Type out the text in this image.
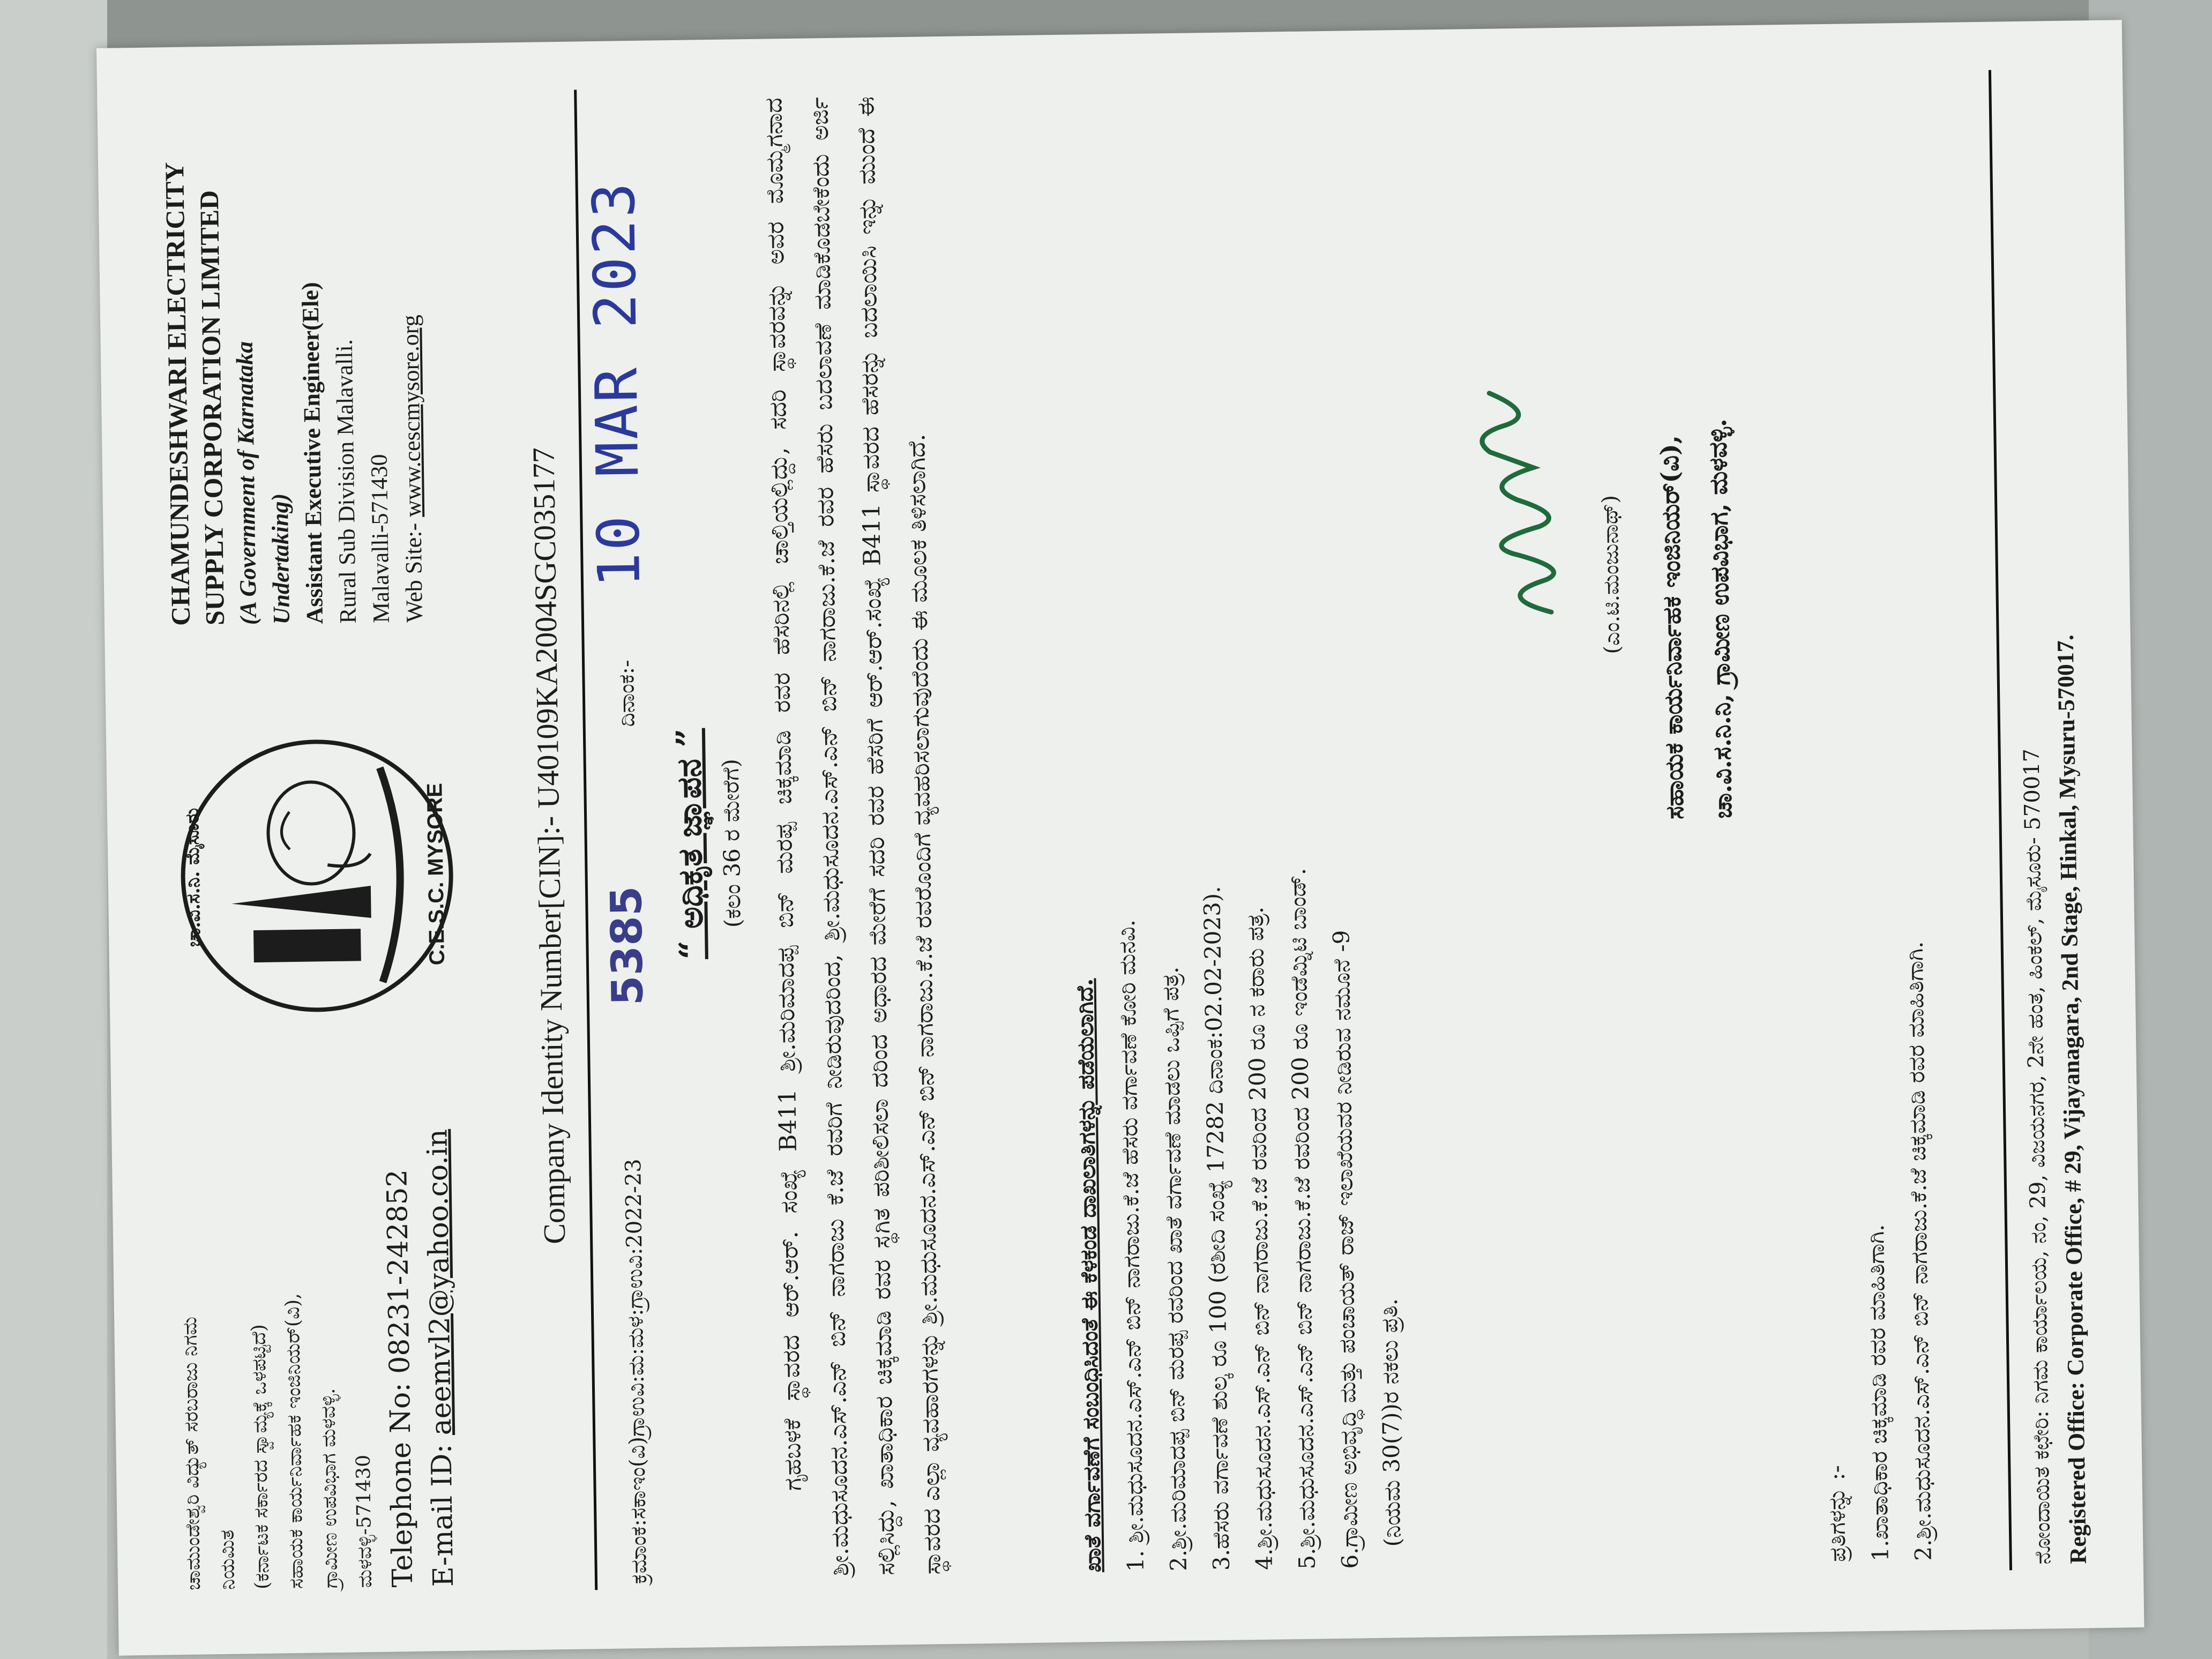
ಚಾಮುಂಡೇಶ್ವರಿ ವಿದ್ಯುತ್ ಸರಬರಾಜು ನಿಗಮ ನಿಯಮಿತ (ಕರ್ನಾಟಕ ಸರ್ಕಾರದ ಸ್ವಾಮ್ಯಕ್ಕೆ ಒಳಪಟ್ಟಿದೆ) ಸಹಾಯಕ ಕಾರ್ಯನಿರ್ವಾಹಕ ಇಂಜಿನಿಯರ್(ವಿ), ಗ್ರಾಮೀಣ ಉಪವಿಭಾಗ ಮಳವಳ್ಳಿ. ಮಳವಳ್ಳಿ-571430 Telephone No: 08231-242852 E-mail ID: aeemvl2@yahoo.co.in
ಚಾ.ವಿ.ಸ.ನಿ. ಮೈಸೂರು	C.E.S.C. MYSORE
CHAMUNDESHWARI ELECTRICITY
SUPPLY CORPORATION LIMITED (A Government of Karnataka Undertaking) Assistant Executive Engineer(Ele) Rural Sub Division Malavalli. Malavalli-571430 Web Site:- www.cescmysore.org
Company Identity Number[CIN]:- U40109KA2004SGC035177
ಕ್ರಮಾಂಕ:ಸಕಾಇಂ(ವಿ)ಗ್ರಾಉವಿ:ಮ:ಮಳ:ಗ್ರಾಉವಿ:2022-23
5385
ದಿನಾಂಕ:-
10 MAR 2023
“ ಅಧಿಕೃತ ಜ್ಞಾಪನ ” (ಕಲಂ 36 ರ ಮೇರೆಗೆ) ಗೃಹಬಳಕೆ ಸ್ಥಾವರದ ಆರ್.ಆರ್. ಸಂಖ್ಯೆ B411 ಶ್ರೀ.ಮರಿಮಾದಪ್ಪ ಬಿನ್ ಮರಪ್ಪ ಚಿಕ್ಕಮಾಡಿ ರವರ ಹೆಸರಿನಲ್ಲಿ ಚಾಲ್ತಿಯಲ್ಲಿದ್ದು, ಸದರಿ ಸ್ಥಾವರವನ್ನು ಅವರ ಮೊಮ್ಮಗನಾದ ಶ್ರೀ.ಮಧುಸೂದನ.ಎಸ್.ಎನ್ ಬಿನ್ ನಾಗರಾಜು ಕೆ.ಜೆ ರವರಿಗೆ ನೀಡಿರುವುದರಿಂದ, ಶ್ರೀ.ಮಧುಸೂದನ.ಎಸ್.ಎನ್ ಬಿನ್ ನಾಗರಾಜು.ಕೆ.ಜೆ ರವರ ಹೆಸರು ಬದಲಾವಣೆ ಮಾಡಿಕೊಡಬೇಕೆಂದು ಅರ್ಜಿ ಸಲ್ಲಿಸಿದ್ದು, ಖಾತಾಧಿಕಾರ ಚಿಕ್ಕಮಾಡಿ ರವರ ಸ್ಥಗಿತ ಪರಿಶೀಲಿಸಲಾ ದರಿಂದ ಅಧಾರದ ಮೇರೆಗೆ ಸದರಿ ರವರ ಹೆಸರಿಗೆ ಆರ್.ಆರ್.ಸಂಖ್ಯೆ B411 ಸ್ಥಾವರದ ಹೆಸರನ್ನು ಬದಲಾಯಿಸಿ ಇನ್ನು ಮುಂದೆ ಈ ಸ್ಥಾವರದ ಎಲ್ಲಾ ವ್ಯವಹಾರಗಳನ್ನು ಶ್ರೀ.ಮಧುಸೂದನ.ಎಸ್.ಎನ್ ಬಿನ್ ನಾಗರಾಜು.ಕೆ.ಜೆ ರವರೊಂದಿಗೆ ವ್ಯವಹರಿಸಲಾಗುವುದೆಂದು ಈ ಮೂಲಕ ತಿಳಿಸಲಾಗಿದೆ.	ಖಾತೆ ವರ್ಗಾವಣೆಗೆ ಸಂಬಂಧಿಸಿದಂತೆ ಈ ಕೆಳಕಂಡ ದಾಖಲಾತಿಗಳನ್ನು ಪಡೆಯಲಾಗಿದೆ. 1. ಶ್ರೀ.ಮಧುಸೂದನ.ಎಸ್.ಎನ್ ಬಿನ್ ನಾಗರಾಜು.ಕೆ.ಜೆ ಹೆಸರು ವರ್ಗಾವಣೆ ಕೋರಿ ಮನವಿ. 2.ಶ್ರೀ.ಮರಿಮಾದಪ್ಪ ಬಿನ್ ಮರಪ್ಪ ರವರಿಂದ ಖಾತೆ ವರ್ಗಾವಣೆ ಮಾಡಲು ಒಪ್ಪಿಗೆ ಪತ್ರ. 3.ಹೆಸರು ವರ್ಗಾವಣೆ ಶುಲ್ಕ ರೂ 100 (ರಶೀದಿ ಸಂಖ್ಯೆ 17282 ದಿನಾಂಕ:02.02-2023). 4.ಶ್ರೀ.ಮಧುಸೂದನ.ಎಸ್.ಎನ್ ಬಿನ್ ನಾಗರಾಜು.ಕೆ.ಜೆ ರವರಿಂದ 200 ರೂ ನ ಕರಾರು ಪತ್ರ. 5.ಶ್ರೀ.ಮಧುಸೂದನ.ಎಸ್.ಎನ್ ಬಿನ್ ನಾಗರಾಜು.ಕೆ.ಜೆ ರವರಿಂದ 200 ರೂ ಇಂಡೆಮ್ನಿಟಿ ಬಾಂಡ್. 6.ಗ್ರಾಮೀಣ ಅಭಿವೃದ್ಧಿ ಮತ್ತು ಪಂಚಾಯತ್ ರಾಜ್ ಇಲಾಖೆಯವರ ನೀಡಿರುವ ನಮೂನೆ -9 (ನಿಯಮ 30(7))ರ ನಕಲು ಪ್ರತಿ.
(ಎಂ.ಟಿ.ಮಂಜುನಾಥ್)	ಸಹಾಯಕ ಕಾರ್ಯನಿರ್ವಾಹಕ ಇಂಜಿನಿಯರ್(ವಿ), ಚಾ.ವಿ.ಸ.ನಿ.ನಿ, ಗ್ರಾಮೀಣ ಉಪವಿಭಾಗ, ಮಳವಳ್ಳಿ.
ಪ್ರತಿಗಳನ್ನು :- 1.ಖಾತಾಧಿಕಾರ ಚಿಕ್ಕಮಾಡಿ ರವರ ಮಾಹಿತಿಗಾಗಿ. 2.ಶ್ರೀ.ಮಧುಸೂದನ.ಎಸ್.ಎನ್ ಬಿನ್ ನಾಗರಾಜು.ಕೆ.ಜೆ ಚಿಕ್ಕಮಾಡಿ ರವರ ಮಾಹಿತಿಗಾಗಿ.	ನೋಂದಾಯಿತ ಕಛೇರಿ: ನಿಗಮ ಕಾರ್ಯಾಲಯ, ನಂ, 29, ವಿಜಯನಗರ, 2ನೇ ಹಂತ, ಹಿಂಕಲ್, ಮೈಸೂರು- 570017
Registered Office: Corporate Office, # 29, Vijayanagara, 2nd Stage, Hinkal, Mysuru-570017.
